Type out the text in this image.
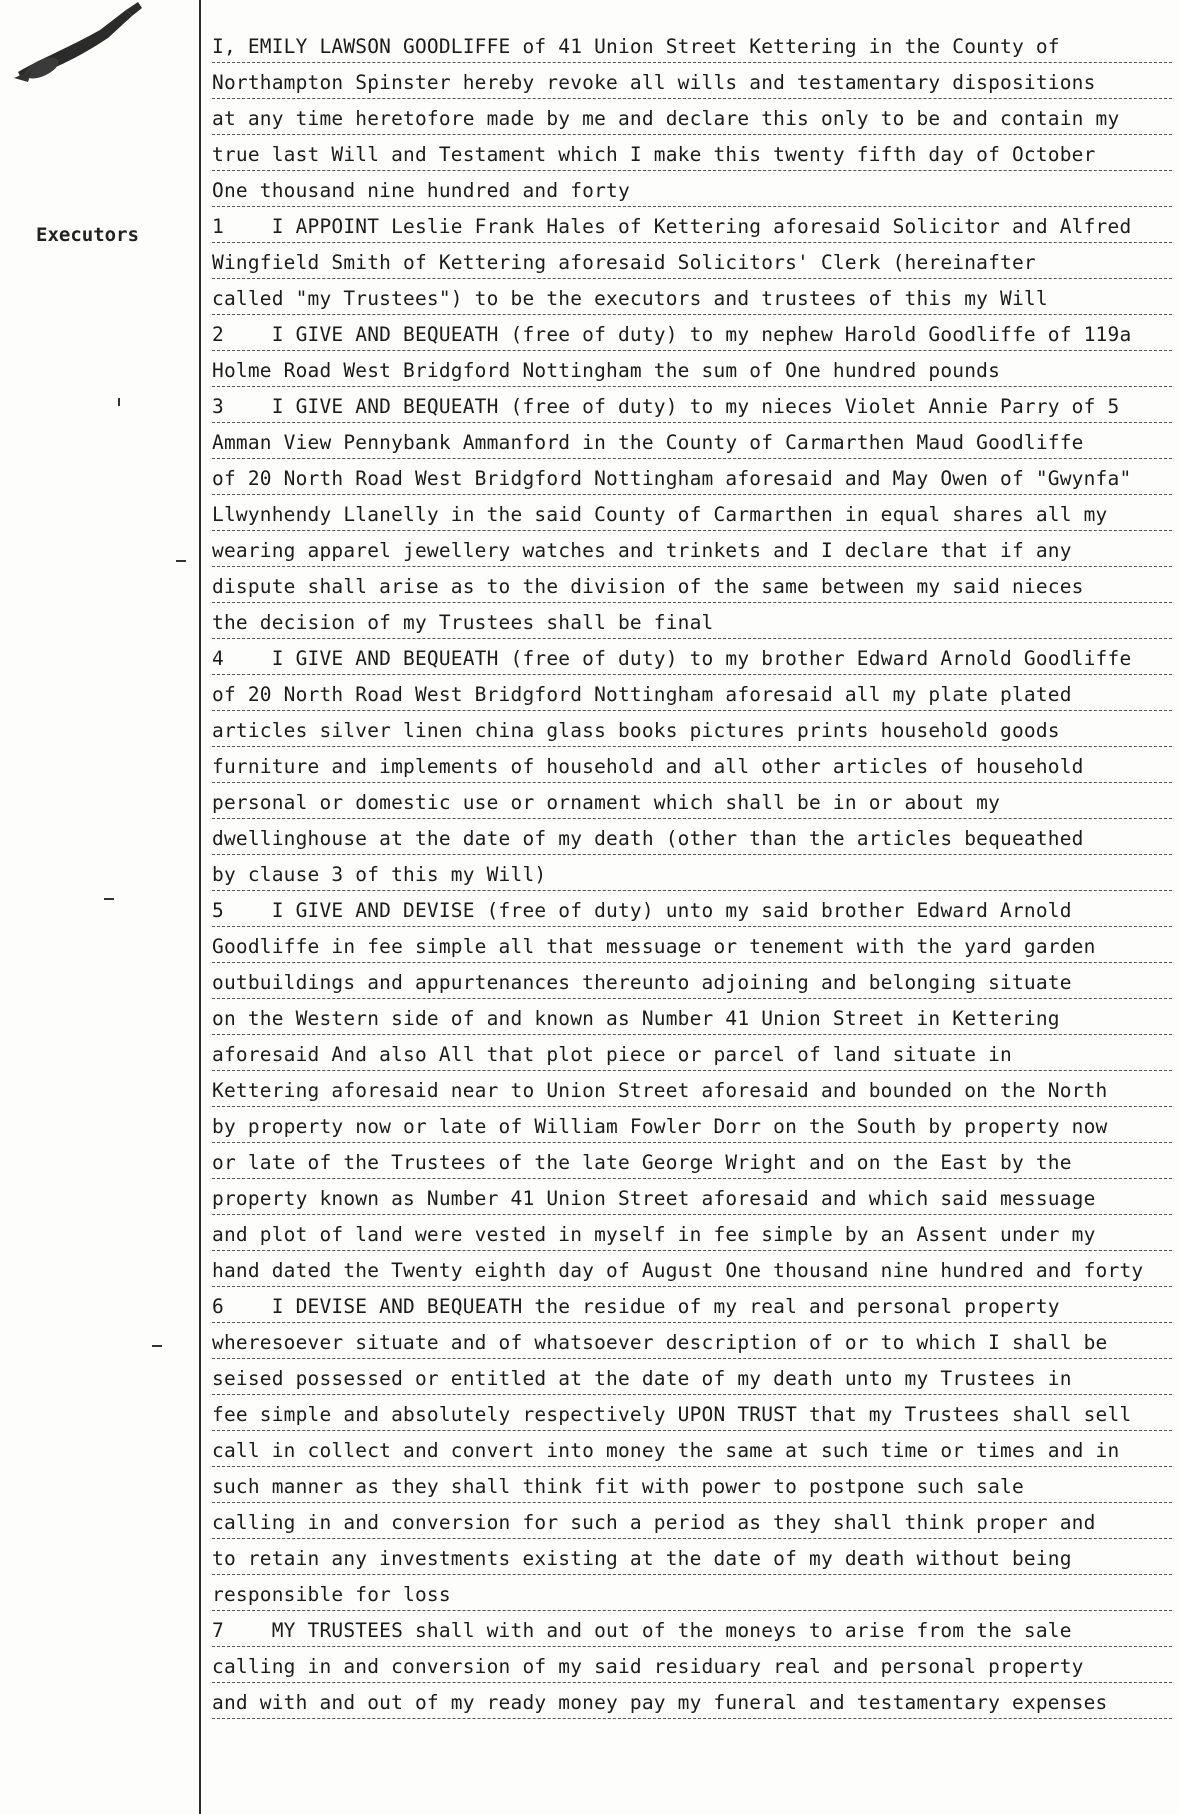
Executors
I, EMILY LAWSON GOODLIFFE of 41 Union Street Kettering in the County of
Northampton Spinster hereby revoke all wills and testamentary dispositions
at any time heretofore made by me and declare this only to be and contain my
true last Will and Testament which I make this twenty fifth day of October
One thousand nine hundred and forty
1    I APPOINT Leslie Frank Hales of Kettering aforesaid Solicitor and Alfred
Wingfield Smith of Kettering aforesaid Solicitors' Clerk (hereinafter
called "my Trustees") to be the executors and trustees of this my Will
2    I GIVE AND BEQUEATH (free of duty) to my nephew Harold Goodliffe of 119a
Holme Road West Bridgford Nottingham the sum of One hundred pounds
3    I GIVE AND BEQUEATH (free of duty) to my nieces Violet Annie Parry of 5
Amman View Pennybank Ammanford in the County of Carmarthen Maud Goodliffe
of 20 North Road West Bridgford Nottingham aforesaid and May Owen of "Gwynfa"
Llwynhendy Llanelly in the said County of Carmarthen in equal shares all my
wearing apparel jewellery watches and trinkets and I declare that if any
dispute shall arise as to the division of the same between my said nieces
the decision of my Trustees shall be final
4    I GIVE AND BEQUEATH (free of duty) to my brother Edward Arnold Goodliffe
of 20 North Road West Bridgford Nottingham aforesaid all my plate plated
articles silver linen china glass books pictures prints household goods
furniture and implements of household and all other articles of household
personal or domestic use or ornament which shall be in or about my
dwellinghouse at the date of my death (other than the articles bequeathed
by clause 3 of this my Will)
5    I GIVE AND DEVISE (free of duty) unto my said brother Edward Arnold
Goodliffe in fee simple all that messuage or tenement with the yard garden
outbuildings and appurtenances thereunto adjoining and belonging situate
on the Western side of and known as Number 41 Union Street in Kettering
aforesaid And also All that plot piece or parcel of land situate in
Kettering aforesaid near to Union Street aforesaid and bounded on the North
by property now or late of William Fowler Dorr on the South by property now
or late of the Trustees of the late George Wright and on the East by the
property known as Number 41 Union Street aforesaid and which said messuage
and plot of land were vested in myself in fee simple by an Assent under my
hand dated the Twenty eighth day of August One thousand nine hundred and forty
6    I DEVISE AND BEQUEATH the residue of my real and personal property
wheresoever situate and of whatsoever description of or to which I shall be
seised possessed or entitled at the date of my death unto my Trustees in
fee simple and absolutely respectively UPON TRUST that my Trustees shall sell
call in collect and convert into money the same at such time or times and in
such manner as they shall think fit with power to postpone such sale
calling in and conversion for such a period as they shall think proper and
to retain any investments existing at the date of my death without being
responsible for loss
7    MY TRUSTEES shall with and out of the moneys to arise from the sale
calling in and conversion of my said residuary real and personal property
and with and out of my ready money pay my funeral and testamentary expenses
